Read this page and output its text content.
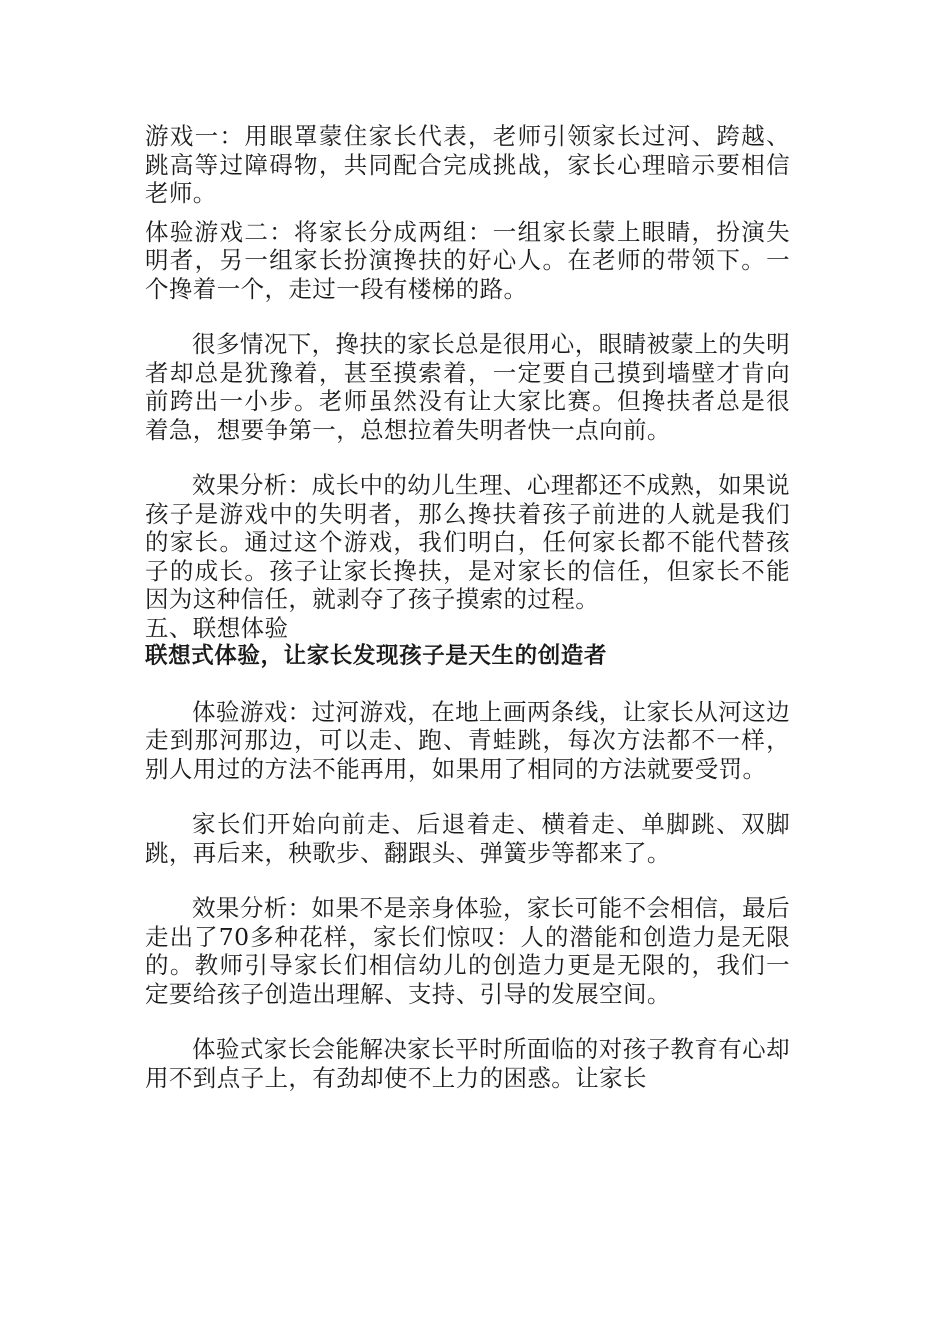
游戏一：用眼罩蒙住家长代表，老师引领家长过河、跨越、跳高等过障碍物，共同配合完成挑战，家长心理暗示要相信老师。

体验游戏二：将家长分成两组：一组家长蒙上眼睛，扮演失明者，另一组家长扮演搀扶的好心人。在老师的带领下。一个搀着一个，走过一段有楼梯的路。

很多情况下，搀扶的家长总是很用心，眼睛被蒙上的失明者却总是犹豫着，甚至摸索着，一定要自己摸到墙壁才肯向前跨出一小步。老师虽然没有让大家比赛。但搀扶者总是很着急，想要争第一，总想拉着失明者快一点向前。

效果分析：成长中的幼儿生理、心理都还不成熟，如果说孩子是游戏中的失明者，那么搀扶着孩子前进的人就是我们的家长。通过这个游戏，我们明白，任何家长都不能代替孩子的成长。孩子让家长搀扶，是对家长的信任，但家长不能因为这种信任，就剥夺了孩子摸索的过程。

五、联想体验

联想式体验，让家长发现孩子是天生的创造者

体验游戏：过河游戏，在地上画两条线，让家长从河这边走到那河那边，可以走、跑、青蛙跳，每次方法都不一样，别人用过的方法不能再用，如果用了相同的方法就要受罚。

家长们开始向前走、后退着走、横着走、单脚跳、双脚跳，再后来，秧歌步、翻跟头、弹簧步等都来了。

效果分析：如果不是亲身体验，家长可能不会相信，最后走出了70多种花样，家长们惊叹：人的潜能和创造力是无限的。教师引导家长们相信幼儿的创造力更是无限的，我们一定要给孩子创造出理解、支持、引导的发展空间。

体验式家长会能解决家长平时所面临的对孩子教育有心却用不到点子上，有劲却使不上力的困惑。让家长
